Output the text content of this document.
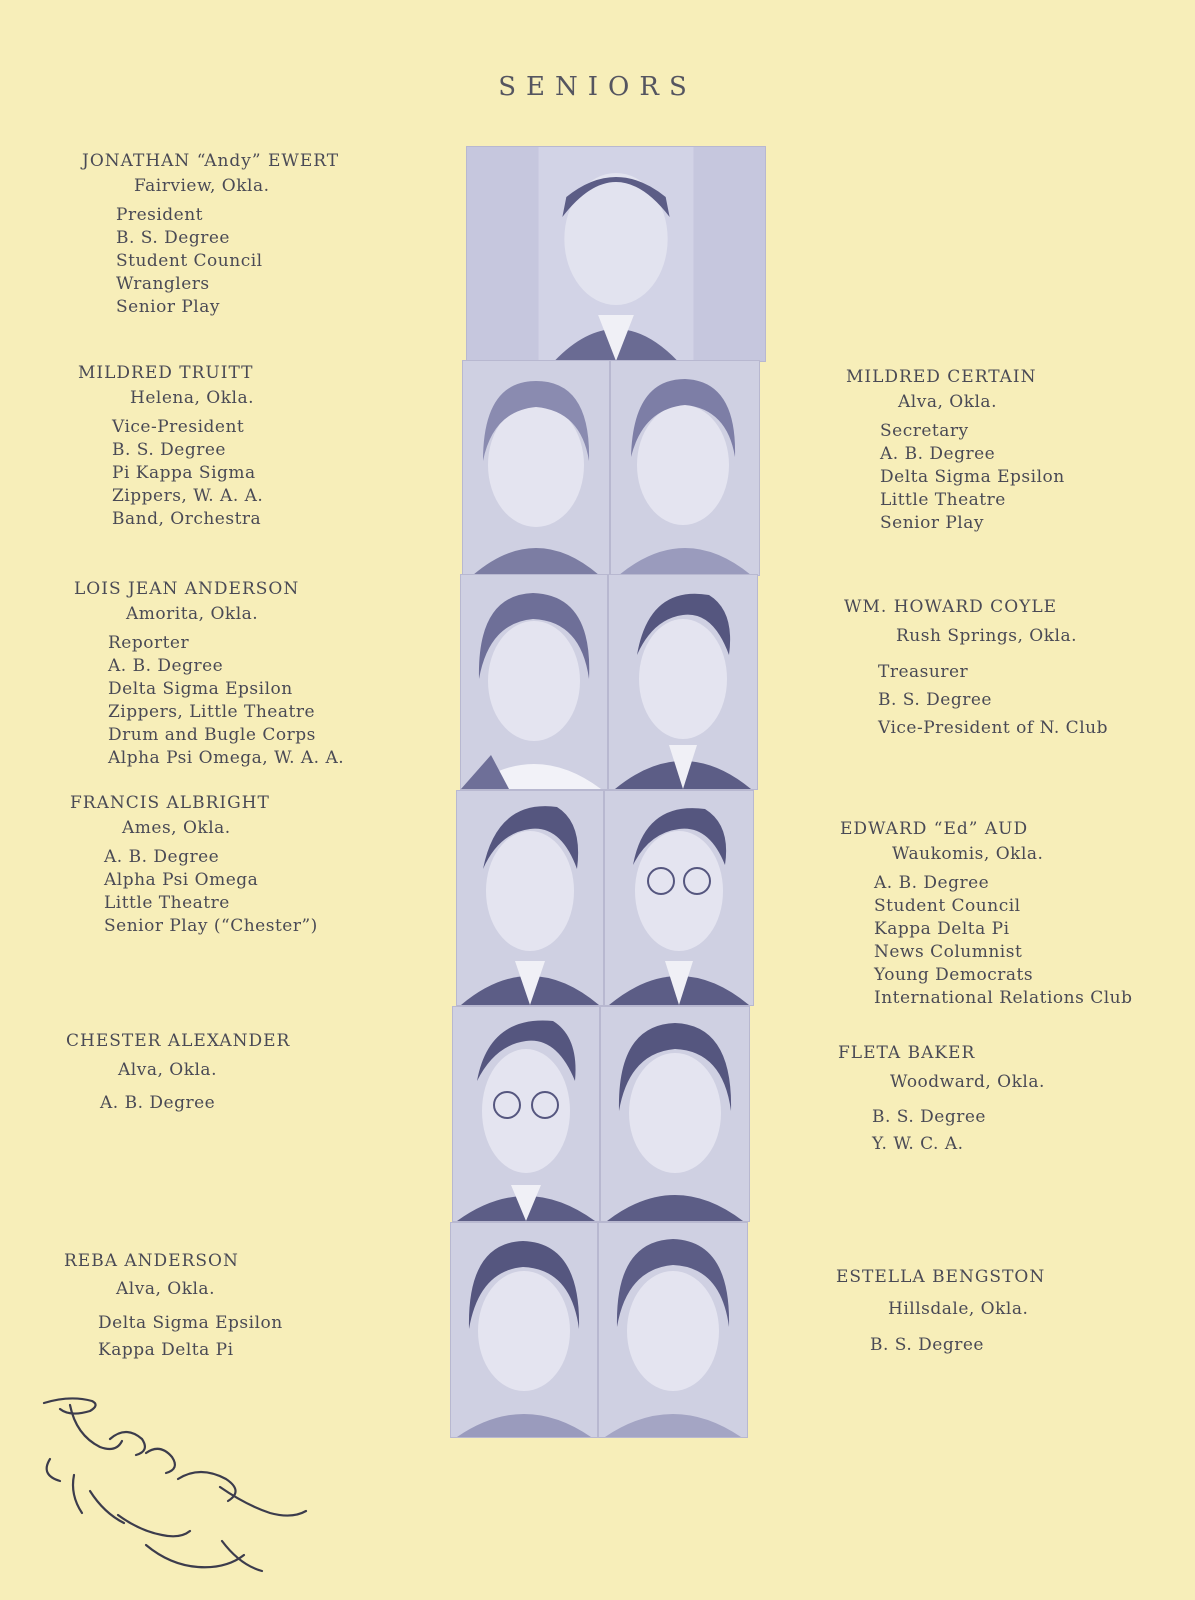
SENIORS
JONATHAN “Andy” EWERT
Fairview, Okla.
President
B. S. Degree
Student Council
Wranglers
Senior Play
MILDRED TRUITT
Helena, Okla.
Vice-President
B. S. Degree
Pi Kappa Sigma
Zippers, W. A. A.
Band, Orchestra
LOIS JEAN ANDERSON
Amorita, Okla.
Reporter
A. B. Degree
Delta Sigma Epsilon
Zippers, Little Theatre
Drum and Bugle Corps
Alpha Psi Omega, W. A. A.
FRANCIS ALBRIGHT
Ames, Okla.
A. B. Degree
Alpha Psi Omega
Little Theatre
Senior Play (“Chester”)
CHESTER ALEXANDER
Alva, Okla.
A. B. Degree
REBA ANDERSON
Alva, Okla.
Delta Sigma Epsilon
Kappa Delta Pi
MILDRED CERTAIN
Alva, Okla.
Secretary
A. B. Degree
Delta Sigma Epsilon
Little Theatre
Senior Play
WM. HOWARD COYLE
Rush Springs, Okla.
Treasurer
B. S. Degree
Vice-President of N. Club
EDWARD “Ed” AUD
Waukomis, Okla.
A. B. Degree
Student Council
Kappa Delta Pi
News Columnist
Young Democrats
International Relations Club
FLETA BAKER
Woodward, Okla.
B. S. Degree
Y. W. C. A.
ESTELLA BENGSTON
Hillsdale, Okla.
B. S. Degree
